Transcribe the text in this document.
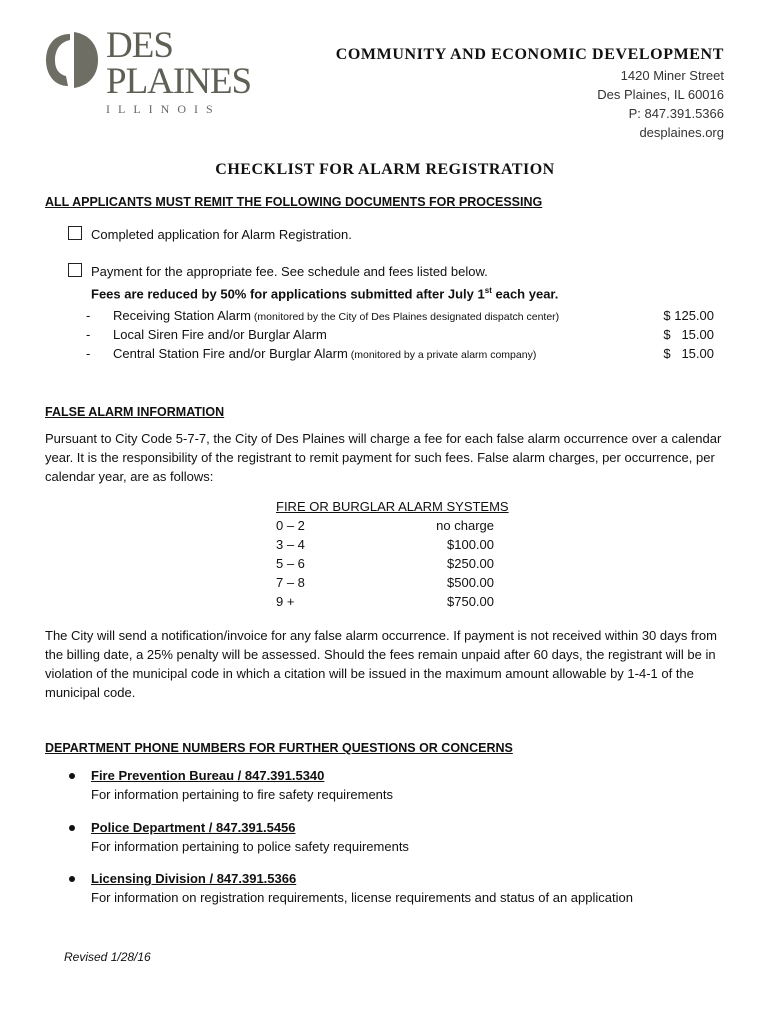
DES
PLAINES
ILLINOIS
COMMUNITY AND ECONOMIC DEVELOPMENT
1420 Miner Street
Des Plaines, IL 60016
P: 847.391.5366
desplaines.org
CHECKLIST FOR ALARM REGISTRATION
ALL APPLICANTS MUST REMIT THE FOLLOWING DOCUMENTS FOR PROCESSING
Completed application for Alarm Registration.
Payment for the appropriate fee. See schedule and fees listed below.
Fees are reduced by 50% for applications submitted after July 1st each year.
- Receiving Station Alarm (monitored by the City of Des Plaines designated dispatch center)	$ 125.00
- Local Siren Fire and/or Burglar Alarm	$   15.00
- Central Station Fire and/or Burglar Alarm (monitored by a private alarm company)	$   15.00
FALSE ALARM INFORMATION
Pursuant to City Code 5-7-7, the City of Des Plaines will charge a fee for each false alarm occurrence over a calendar year. It is the responsibility of the registrant to remit payment for such fees. False alarm charges, per occurrence, per calendar year, are as follows:
FIRE OR BURGLAR ALARM SYSTEMS
0 – 2	no charge
3 – 4	$100.00
5 – 6	$250.00
7 – 8	$500.00
9 +	$750.00
The City will send a notification/invoice for any false alarm occurrence. If payment is not received within 30 days from the billing date, a 25% penalty will be assessed. Should the fees remain unpaid after 60 days, the registrant will be in violation of the municipal code in which a citation will be issued in the maximum amount allowable by 1-4-1 of the municipal code.
DEPARTMENT PHONE NUMBERS FOR FURTHER QUESTIONS OR CONCERNS
Fire Prevention Bureau / 847.391.5340
For information pertaining to fire safety requirements
Police Department / 847.391.5456
For information pertaining to police safety requirements
Licensing Division / 847.391.5366
For information on registration requirements, license requirements and status of an application
Revised 1/28/16
